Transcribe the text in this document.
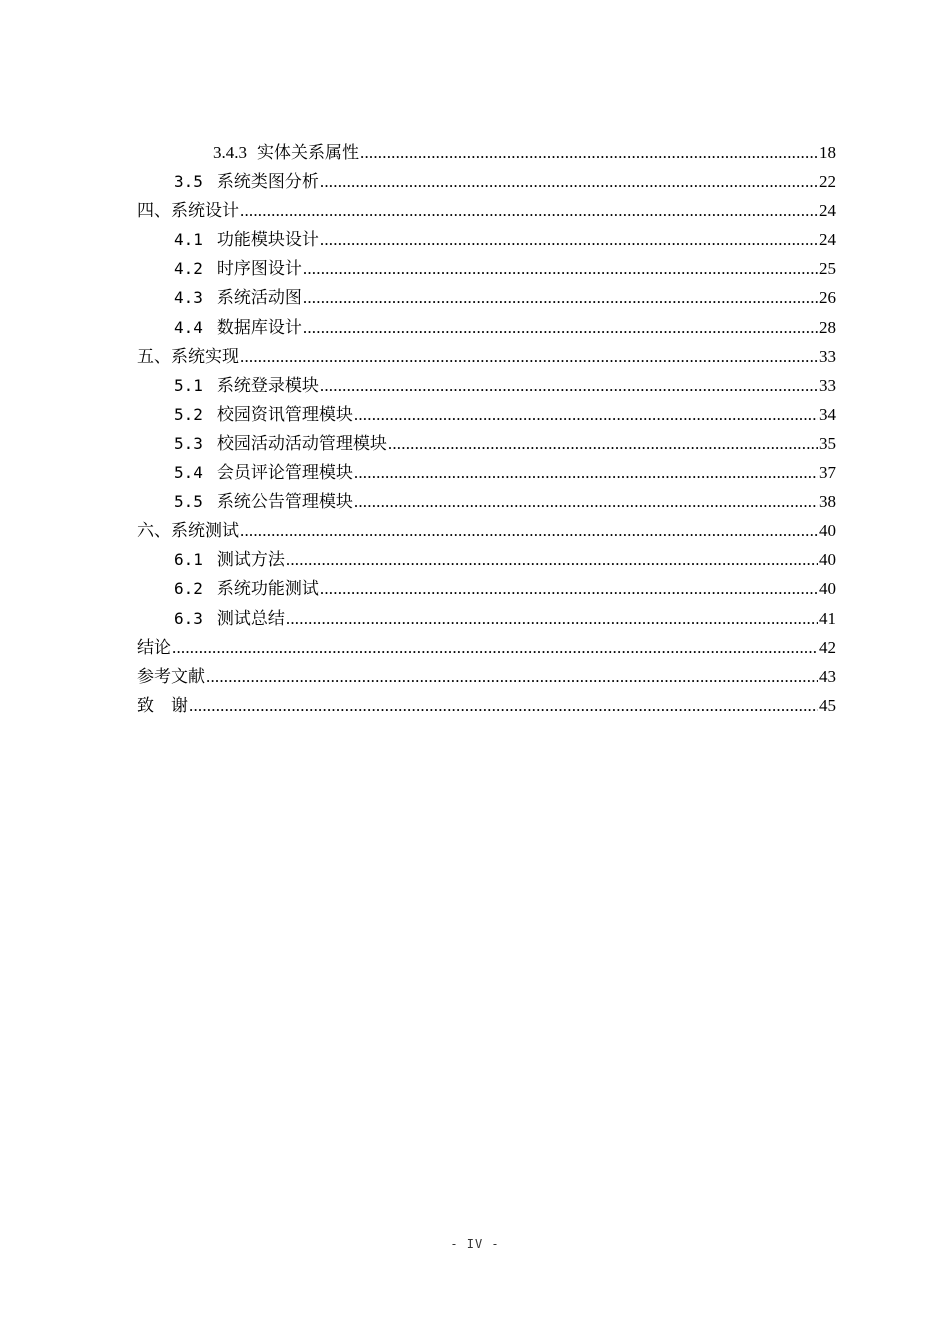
3.4.3 实体关系属性 .....	18
3.5 系统类图分析 .....	22
四、系统设计 .....	24
4.1 功能模块设计 .....	24
4.2 时序图设计 .....	25
4.3 系统活动图 .....	26
4.4 数据库设计 .....	28
五、系统实现 .....	33
5.1 系统登录模块 .....	33
5.2 校园资讯管理模块 .....	34
5.3 校园活动活动管理模块 .....	35
5.4 会员评论管理模块 .....	37
5.5 系统公告管理模块 .....	38
六、系统测试 .....	40
6.1 测试方法 .....	40
6.2 系统功能测试 .....	40
6.3 测试总结 .....	41
结论 .....	42
参考文献 .....	43
致　谢 .....	45
- IV -
